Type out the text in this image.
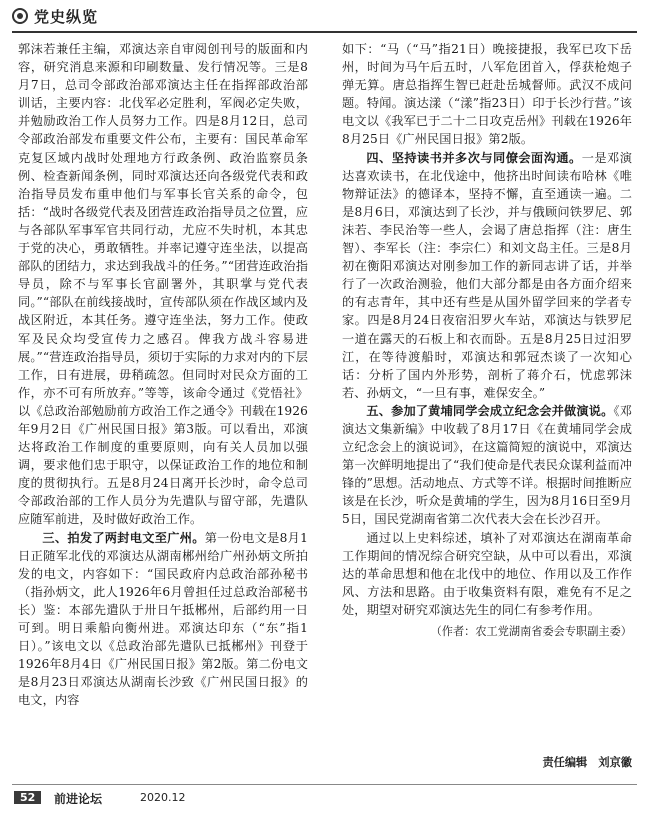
党史纵览

郭沫若兼任主编，邓演达亲自审阅创刊号的版面和内容，研究消息来源和印刷数量、发行情况等。三是8月7日，总司令部政治部邓演达主任在指挥部政治部训话，主要内容：北伐军必定胜利，军阀必定失败，并勉励政治工作人员努力工作。四是8月12日，总司令部政治部发布重要文件公布，主要有：国民革命军克复区域内战时处理地方行政条例、政治监察员条例、检查新闻条例，同时邓演达还向各级党代表和政治指导员发布重申他们与军事长官关系的命令，包括：“战时各级党代表及团营连政治指导员之位置，应与各部队军事军官共同行动，尤应不失时机，本其忠于党的决心，勇敢牺牲。并率记遵守连坐法，以提高部队的团结力，求达到我战斗的任务。”“团营连政治指导员，除不与军事长官副署外，其职掌与党代表同。”“部队在前线接战时，宣传部队须在作战区域内及战区附近，本其任务。遵守连坐法，努力工作。使政军及民众均受宣传力之感召。俾我方战斗容易进展。”“营连政治指导员，须切于实际的力求对内的下层工作，日有进展，毋稍疏忽。但同时对民众方面的工作，亦不可有所放弃。”等等，该命令通过《党悟社》以《总政治部勉励前方政治工作之通令》刊载在1926年9月2日《广州民国日报》第3版。可以看出，邓演达将政治工作制度的重要原则，向有关人员加以强调，要求他们忠于职守，以保证政治工作的地位和制度的贯彻执行。五是8月24日离开长沙时，命令总司令部政治部的工作人员分为先遣队与留守部，先遣队应随军前进，及时做好政治工作。

三、拍发了两封电文至广州。第一份电文是8月1日正随军北伐的邓演达从湖南郴州给广州孙炳文所拍发的电文，内容如下：“国民政府内总政治部孙秘书（指孙炳文，此人1926年6月曾担任过总政治部秘书长）鉴：本部先遣队于卅日午抵郴州，后部约用一日可到。明日乘船向衡州进。邓演达印东（“东”指1日）。”该电文以《总政治部先遣队已抵郴州》刊登于1926年8月4日《广州民国日报》第2版。第二份电文是8月23日邓演达从湖南长沙致《广州民国日报》的电文，内容

如下：“马（“马”指21日）晚接捷报，我军已攻下岳州，时间为马午后五时，八军危团首入，俘获枪炮子弹无算。唐总指挥生智已赶赴岳城督师。武汉不成问题。特闻。演达漾（“漾”指23日）印于长沙行营。”该电文以《我军已于二十二日攻克岳州》刊载在1926年8月25日《广州民国日报》第2版。

四、坚持读书并多次与同僚会面沟通。一是邓演达喜欢读书，在北伐途中，他挤出时间读布哈林《唯物辩证法》的德译本，坚持不懈，直至通读一遍。二是8月6日，邓演达到了长沙，并与俄顾问铁罗尼、郭沫若、李民治等一些人，会谒了唐总指挥（注：唐生智）、李军长（注：李宗仁）和刘文岛主任。三是8月初在衡阳邓演达对刚参加工作的新同志讲了话，并举行了一次政治测验，他们大部分都是由各方面介绍来的有志青年，其中还有些是从国外留学回来的学者专家。四是8月24日夜宿汨罗火车站，邓演达与铁罗尼一道在露天的石板上和衣而卧。五是8月25日过汨罗江，在等待渡船时，邓演达和郭冠杰谈了一次知心话：分析了国内外形势，剖析了蒋介石，忧虑郭沫若、孙炳文，“一旦有事，难保安全。”

五、参加了黄埔同学会成立纪念会并做演说。《邓演达文集新编》中收载了8月17日《在黄埔同学会成立纪念会上的演说词》，在这篇简短的演说中，邓演达第一次鲜明地提出了“我们使命是代表民众谋利益而冲锋的”思想。活动地点、方式等不详。根据时间推断应该是在长沙，听众是黄埔的学生，因为8月16日至9月5日，国民党湖南省第二次代表大会在长沙召开。

通过以上史料综述，填补了对邓演达在湖南革命工作期间的情况综合研究空缺，从中可以看出，邓演达的革命思想和他在北伐中的地位、作用以及工作作风、方法和思路。由于收集资料有限，难免有不足之处，期望对研究邓演达先生的同仁有参考作用。

（作者：农工党湖南省委会专职副主委）

责任编辑　刘京徽
52	前进论坛	2020.12
